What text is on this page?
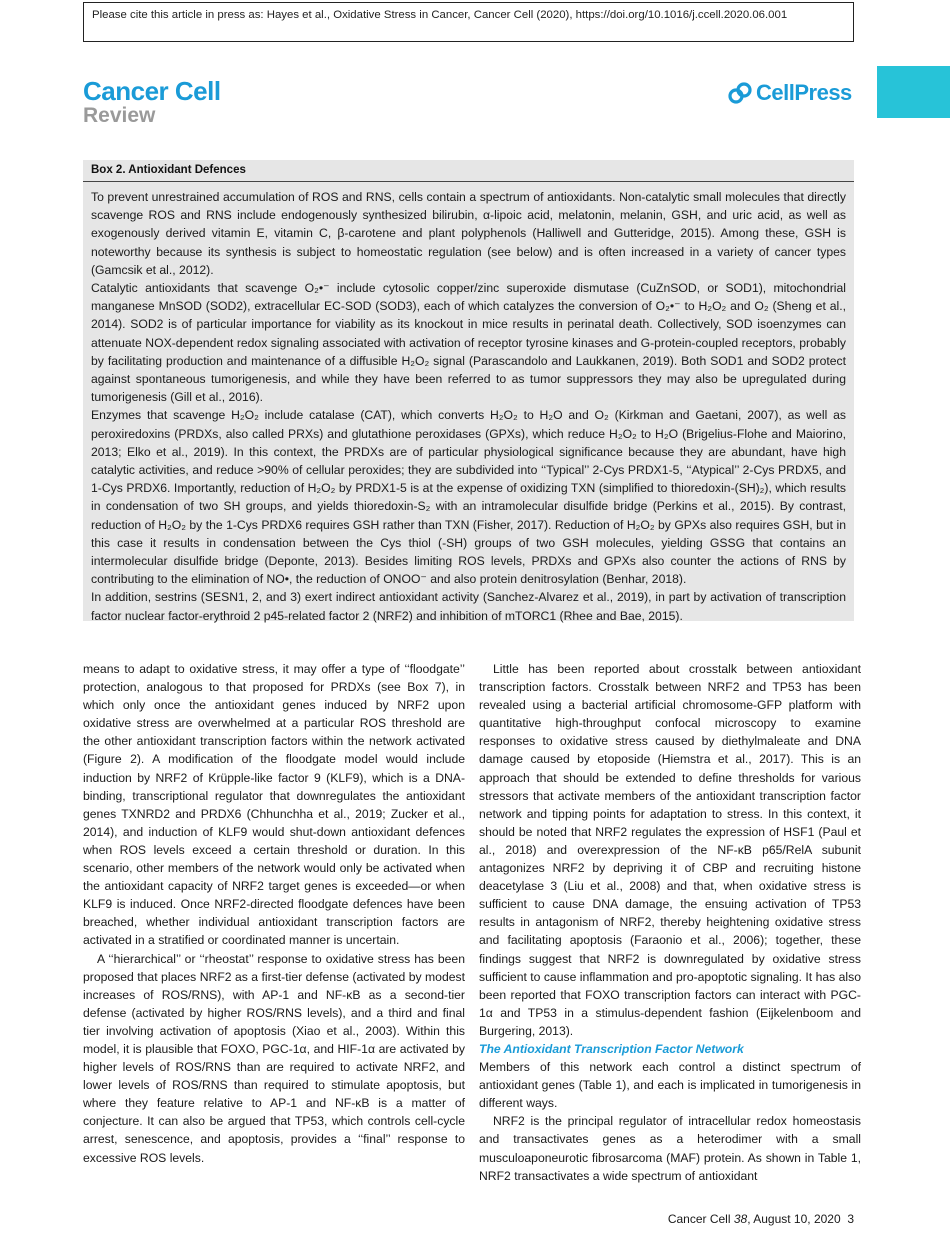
Please cite this article in press as: Hayes et al., Oxidative Stress in Cancer, Cancer Cell (2020), https://doi.org/10.1016/j.ccell.2020.06.001
Cancer Cell
Review
CellPress
Box 2. Antioxidant Defences

To prevent unrestrained accumulation of ROS and RNS, cells contain a spectrum of antioxidants. Non-catalytic small molecules that directly scavenge ROS and RNS include endogenously synthesized bilirubin, α-lipoic acid, melatonin, melanin, GSH, and uric acid, as well as exogenously derived vitamin E, vitamin C, β-carotene and plant polyphenols (Halliwell and Gutteridge, 2015). Among these, GSH is noteworthy because its synthesis is subject to homeostatic regulation (see below) and is often increased in a variety of cancer types (Gamcsik et al., 2012).

Catalytic antioxidants that scavenge O₂•⁻ include cytosolic copper/zinc superoxide dismutase (CuZnSOD, or SOD1), mitochondrial manganese MnSOD (SOD2), extracellular EC-SOD (SOD3), each of which catalyzes the conversion of O₂•⁻ to H₂O₂ and O₂ (Sheng et al., 2014). SOD2 is of particular importance for viability as its knockout in mice results in perinatal death. Collectively, SOD isoenzymes can attenuate NOX-dependent redox signaling associated with activation of receptor tyrosine kinases and G-protein-coupled receptors, probably by facilitating production and maintenance of a diffusible H₂O₂ signal (Parascandolo and Laukkanen, 2019). Both SOD1 and SOD2 protect against spontaneous tumorigenesis, and while they have been referred to as tumor suppressors they may also be upregulated during tumorigenesis (Gill et al., 2016).

Enzymes that scavenge H₂O₂ include catalase (CAT), which converts H₂O₂ to H₂O and O₂ (Kirkman and Gaetani, 2007), as well as peroxiredoxins (PRDXs, also called PRXs) and glutathione peroxidases (GPXs), which reduce H₂O₂ to H₂O (Brigelius-Flohe and Maiorino, 2013; Elko et al., 2019). In this context, the PRDXs are of particular physiological significance because they are abundant, have high catalytic activities, and reduce >90% of cellular peroxides; they are subdivided into ‘‘Typical’’ 2-Cys PRDX1-5, ‘‘Atypical’’ 2-Cys PRDX5, and 1-Cys PRDX6. Importantly, reduction of H₂O₂ by PRDX1-5 is at the expense of oxidizing TXN (simplified to thioredoxin-(SH)₂), which results in condensation of two SH groups, and yields thioredoxin-S₂ with an intramolecular disulfide bridge (Perkins et al., 2015). By contrast, reduction of H₂O₂ by the 1-Cys PRDX6 requires GSH rather than TXN (Fisher, 2017). Reduction of H₂O₂ by GPXs also requires GSH, but in this case it results in condensation between the Cys thiol (-SH) groups of two GSH molecules, yielding GSSG that contains an intermolecular disulfide bridge (Deponte, 2013). Besides limiting ROS levels, PRDXs and GPXs also counter the actions of RNS by contributing to the elimination of NO•, the reduction of ONOO⁻ and also protein denitrosylation (Benhar, 2018).

In addition, sestrins (SESN1, 2, and 3) exert indirect antioxidant activity (Sanchez-Alvarez et al., 2019), in part by activation of transcription factor nuclear factor-erythroid 2 p45-related factor 2 (NRF2) and inhibition of mTORC1 (Rhee and Bae, 2015).

means to adapt to oxidative stress, it may offer a type of ‘‘floodgate’’ protection, analogous to that proposed for PRDXs (see Box 7), in which only once the antioxidant genes induced by NRF2 upon oxidative stress are overwhelmed at a particular ROS threshold are the other antioxidant transcription factors within the network activated (Figure 2). A modification of the floodgate model would include induction by NRF2 of Krüpple-like factor 9 (KLF9), which is a DNA-binding, transcriptional regulator that downregulates the antioxidant genes TXNRD2 and PRDX6 (Chhunchha et al., 2019; Zucker et al., 2014), and induction of KLF9 would shut-down antioxidant defences when ROS levels exceed a certain threshold or duration. In this scenario, other members of the network would only be activated when the antioxidant capacity of NRF2 target genes is exceeded—or when KLF9 is induced. Once NRF2-directed floodgate defences have been breached, whether individual antioxidant transcription factors are activated in a stratified or coordinated manner is uncertain.

A ‘‘hierarchical’’ or ‘‘rheostat’’ response to oxidative stress has been proposed that places NRF2 as a first-tier defense (activated by modest increases of ROS/RNS), with AP-1 and NF-κB as a second-tier defense (activated by higher ROS/RNS levels), and a third and final tier involving activation of apoptosis (Xiao et al., 2003). Within this model, it is plausible that FOXO, PGC-1α, and HIF-1α are activated by higher levels of ROS/RNS than are required to activate NRF2, and lower levels of ROS/RNS than required to stimulate apoptosis, but where they feature relative to AP-1 and NF-κB is a matter of conjecture. It can also be argued that TP53, which controls cell-cycle arrest, senescence, and apoptosis, provides a ‘‘final’’ response to excessive ROS levels.

Little has been reported about crosstalk between antioxidant transcription factors. Crosstalk between NRF2 and TP53 has been revealed using a bacterial artificial chromosome-GFP platform with quantitative high-throughput confocal microscopy to examine responses to oxidative stress caused by diethylmaleate and DNA damage caused by etoposide (Hiemstra et al., 2017). This is an approach that should be extended to define thresholds for various stressors that activate members of the antioxidant transcription factor network and tipping points for adaptation to stress. In this context, it should be noted that NRF2 regulates the expression of HSF1 (Paul et al., 2018) and overexpression of the NF-κB p65/RelA subunit antagonizes NRF2 by depriving it of CBP and recruiting histone deacetylase 3 (Liu et al., 2008) and that, when oxidative stress is sufficient to cause DNA damage, the ensuing activation of TP53 results in antagonism of NRF2, thereby heightening oxidative stress and facilitating apoptosis (Faraonio et al., 2006); together, these findings suggest that NRF2 is downregulated by oxidative stress sufficient to cause inflammation and pro-apoptotic signaling. It has also been reported that FOXO transcription factors can interact with PGC-1α and TP53 in a stimulus-dependent fashion (Eijkelenboom and Burgering, 2013).

The Antioxidant Transcription Factor Network

Members of this network each control a distinct spectrum of antioxidant genes (Table 1), and each is implicated in tumorigenesis in different ways.

NRF2 is the principal regulator of intracellular redox homeostasis and transactivates genes as a heterodimer with a small musculoaponeurotic fibrosarcoma (MAF) protein. As shown in Table 1, NRF2 transactivates a wide spectrum of antioxidant

Cancer Cell 38, August 10, 2020 3
